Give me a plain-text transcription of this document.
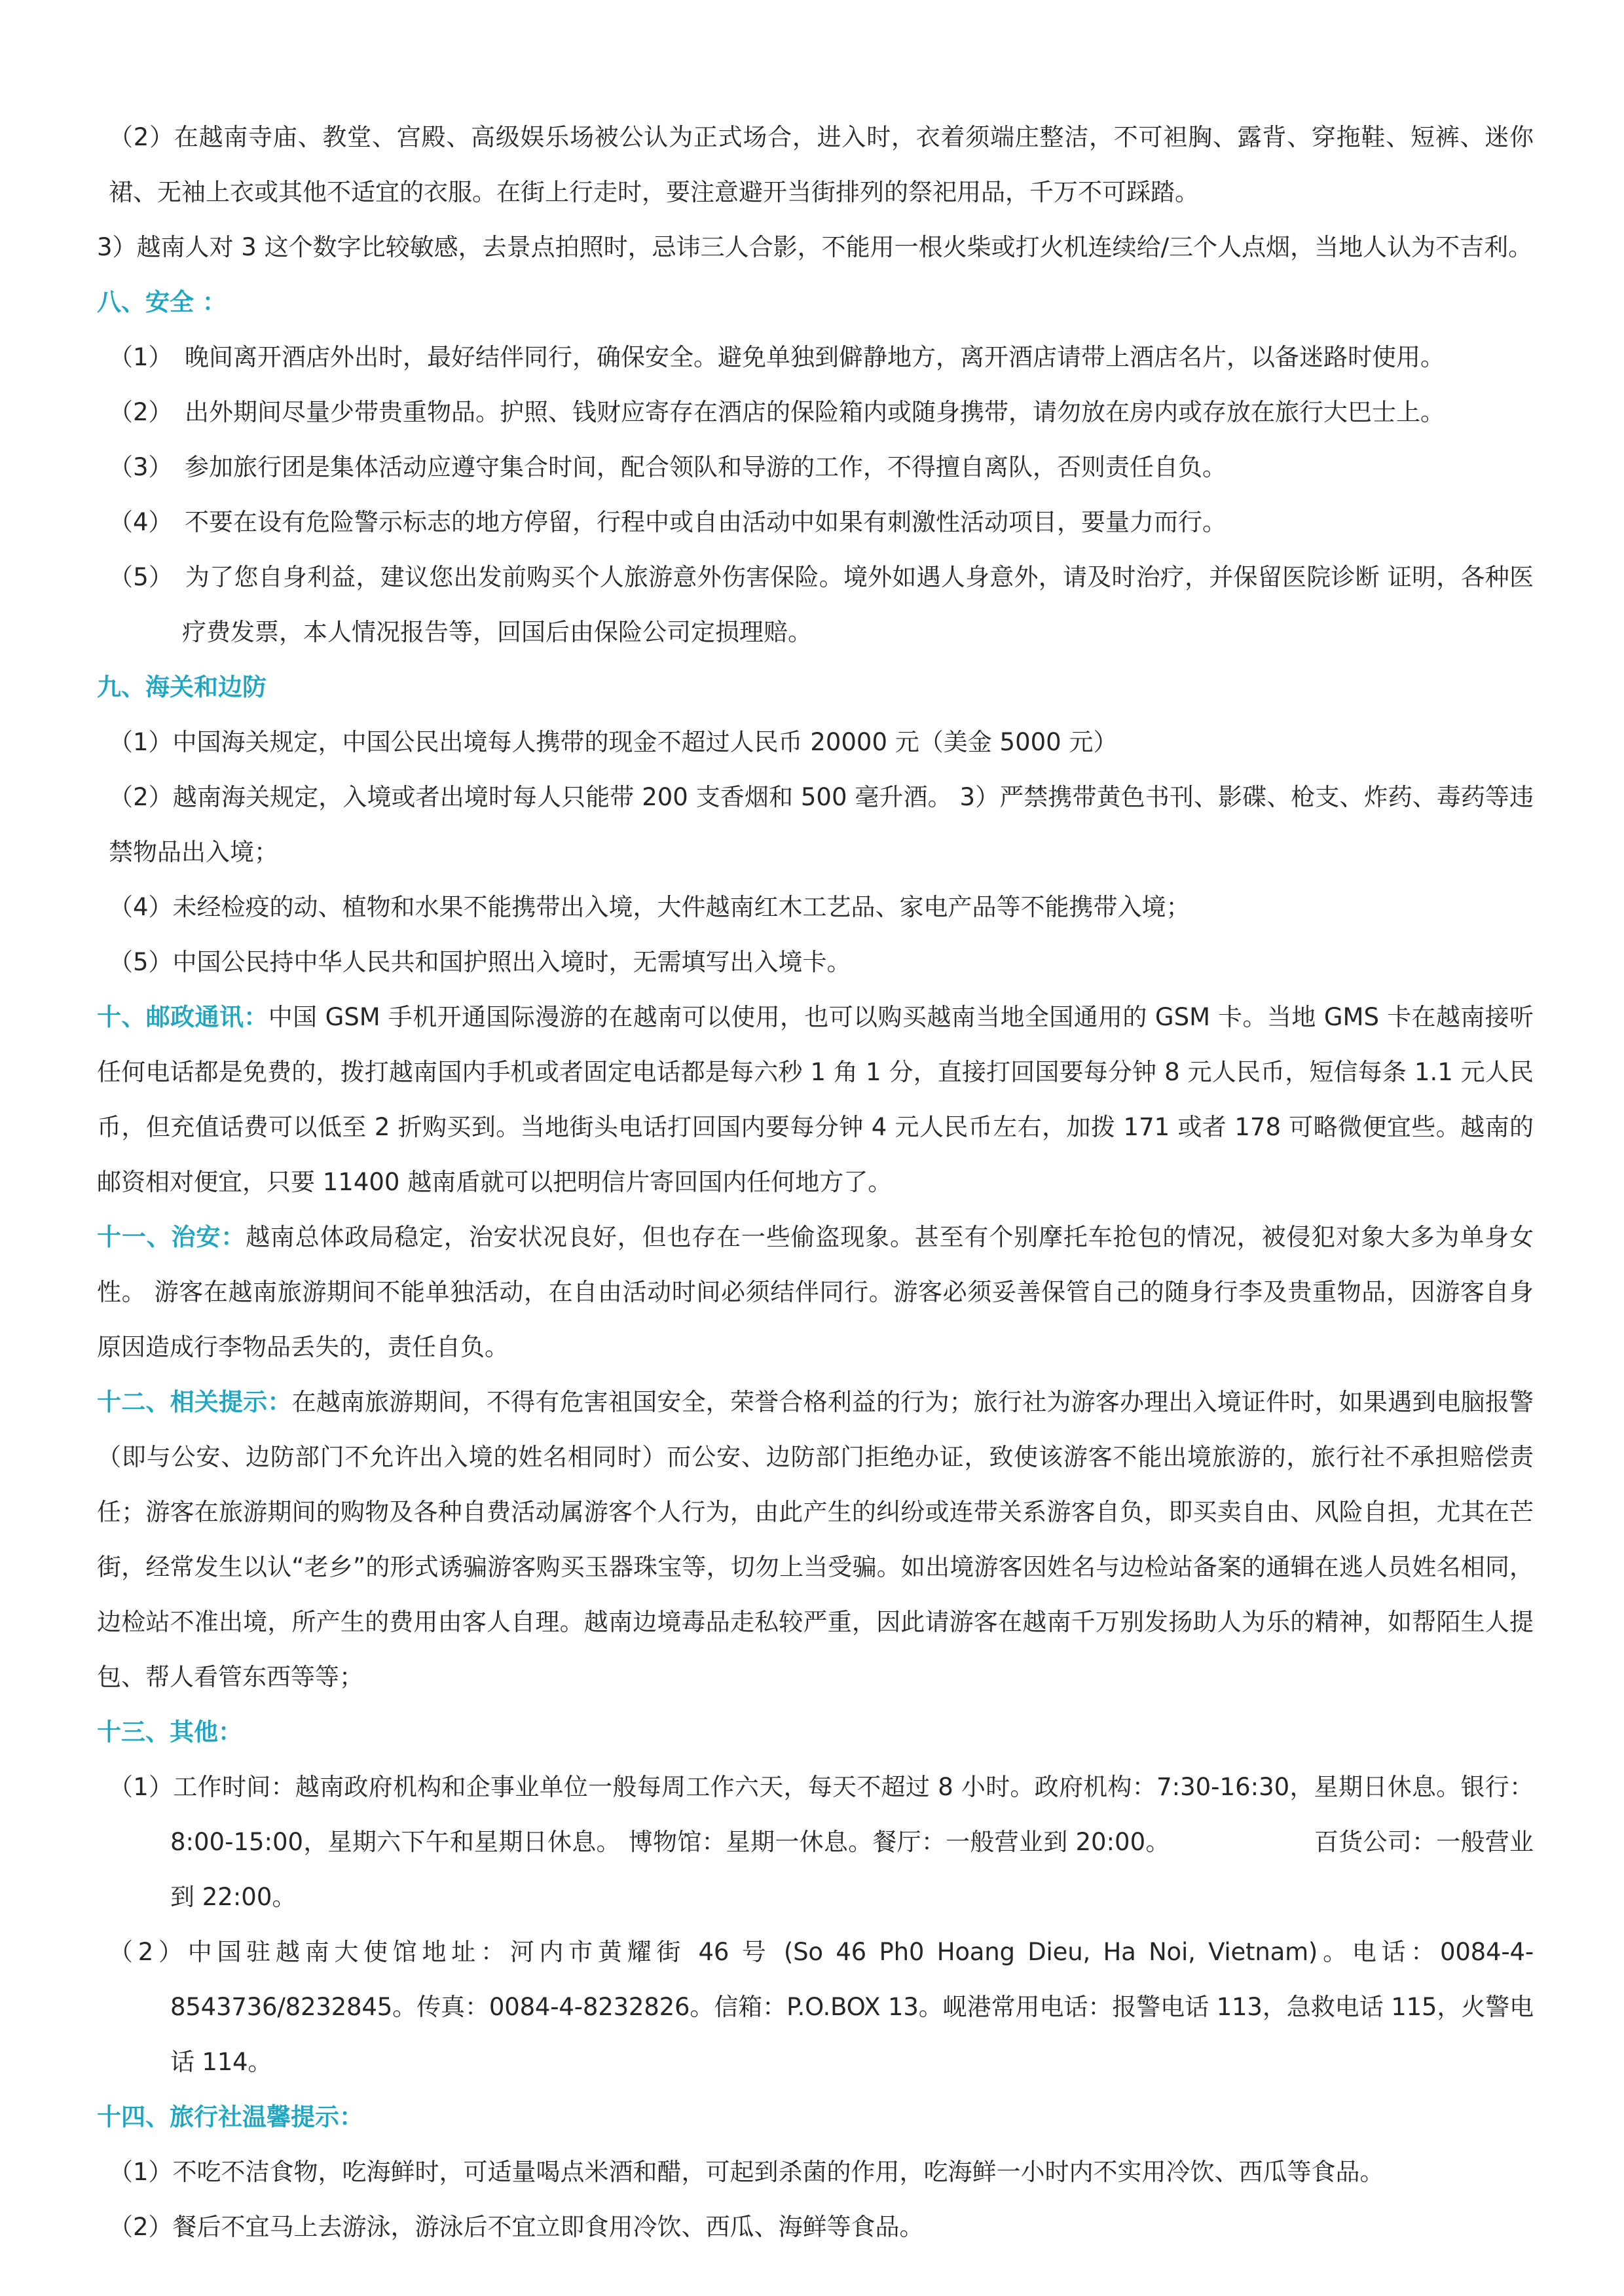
（2）在越南寺庙、教堂、宫殿、高级娱乐场被公认为正式场合，进入时，衣着须端庄整洁，不可袒胸、露背、穿拖鞋、短裤、迷你裙、无袖上衣或其他不适宜的衣服。在街上行走时，要注意避开当街排列的祭祀用品，千万不可踩踏。

3）越南人对 3 这个数字比较敏感，去景点拍照时，忌讳三人合影，不能用一根火柴或打火机连续给/三个人点烟，当地人认为不吉利。

八、安全 ：

（1）　晚间离开酒店外出时，最好结伴同行，确保安全。避免单独到僻静地方，离开酒店请带上酒店名片，以备迷路时使用。

（2）　出外期间尽量少带贵重物品。护照、钱财应寄存在酒店的保险箱内或随身携带，请勿放在房内或存放在旅行大巴士上。

（3）　参加旅行团是集体活动应遵守集合时间，配合领队和导游的工作，不得擅自离队，否则责任自负。

（4）　不要在设有危险警示标志的地方停留，行程中或自由活动中如果有刺激性活动项目，要量力而行。

（5）　为了您自身利益，建议您出发前购买个人旅游意外伤害保险。境外如遇人身意外，请及时治疗，并保留医院诊断 证明，各种医疗费发票，本人情况报告等，回国后由保险公司定损理赔。

九、海关和边防

（1）中国海关规定，中国公民出境每人携带的现金不超过人民币 20000 元（美金 5000 元）

（2）越南海关规定，入境或者出境时每人只能带 200 支香烟和 500 毫升酒。 3）严禁携带黄色书刊、影碟、枪支、炸药、毒药等违禁物品出入境；

（4）未经检疫的动、植物和水果不能携带出入境，大件越南红木工艺品、家电产品等不能携带入境；

（5）中国公民持中华人民共和国护照出入境时，无需填写出入境卡。

十、邮政通讯：中国 GSM 手机开通国际漫游的在越南可以使用，也可以购买越南当地全国通用的 GSM 卡。当地 GMS 卡在越南接听任何电话都是免费的，拨打越南国内手机或者固定电话都是每六秒 1 角 1 分，直接打回国要每分钟 8 元人民币，短信每条 1.1 元人民币，但充值话费可以低至 2 折购买到。当地街头电话打回国内要每分钟 4 元人民币左右，加拨 171 或者 178 可略微便宜些。越南的邮资相对便宜，只要 11400 越南盾就可以把明信片寄回国内任何地方了。

十一、治安：越南总体政局稳定，治安状况良好，但也存在一些偷盗现象。甚至有个别摩托车抢包的情况，被侵犯对象大多为单身女性。 游客在越南旅游期间不能单独活动，在自由活动时间必须结伴同行。游客必须妥善保管自己的随身行李及贵重物品，因游客自身原因造成行李物品丢失的，责任自负。

十二、相关提示：在越南旅游期间，不得有危害祖国安全，荣誉合格利益的行为；旅行社为游客办理出入境证件时，如果遇到电脑报警（即与公安、边防部门不允许出入境的姓名相同时）而公安、边防部门拒绝办证，致使该游客不能出境旅游的，旅行社不承担赔偿责任；游客在旅游期间的购物及各种自费活动属游客个人行为，由此产生的纠纷或连带关系游客自负，即买卖自由、风险自担，尤其在芒街，经常发生以认“老乡”的形式诱骗游客购买玉器珠宝等，切勿上当受骗。如出境游客因姓名与边检站备案的通辑在逃人员姓名相同，边检站不准出境，所产生的费用由客人自理。越南边境毒品走私较严重，因此请游客在越南千万别发扬助人为乐的精神，如帮陌生人提包、帮人看管东西等等；

十三、其他：

（1）工作时间：越南政府机构和企事业单位一般每周工作六天，每天不超过 8 小时。政府机构：7:30-16:30，星期日休息。银行：8:00-15:00，星期六下午和星期日休息。 博物馆：星期一休息。餐厅：一般营业到 20:00。	百货公司：一般营业到 22:00。

（2）中国驻越南大使馆地址：河内市黄耀街 46 号 (So 46 Ph0 Hoang Dieu, Ha Noi, Vietnam)。电话：0084-4-8543736/8232845。传真：0084-4-8232826。信箱：P.O.BOX 13。岘港常用电话：报警电话 113，急救电话 115，火警电话 114。

十四、旅行社温馨提示：

（1）不吃不洁食物，吃海鲜时，可适量喝点米酒和醋，可起到杀菌的作用，吃海鲜一小时内不实用冷饮、西瓜等食品。

（2）餐后不宜马上去游泳，游泳后不宜立即食用冷饮、西瓜、海鲜等食品。
